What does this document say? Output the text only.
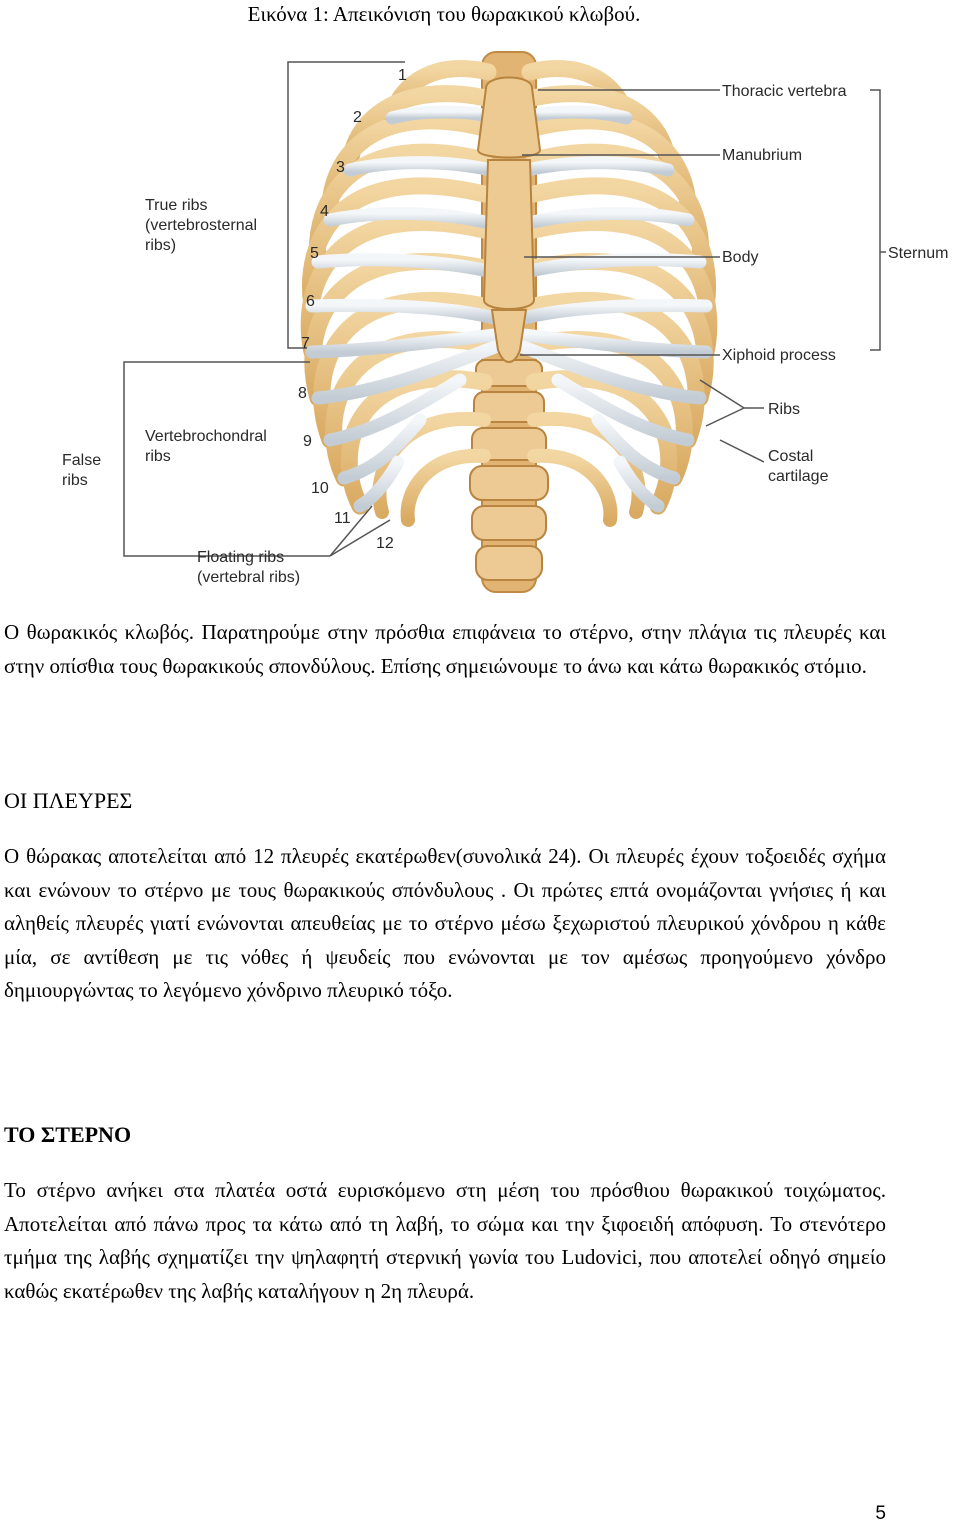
Εικόνα 1: Απεικόνιση του θωρακικού κλωβού.
Thoracic vertebra
Manubrium
Body	Sternum
Xiphoid process
Ribs
Costal
cartilage
True ribs
(vertebrosternal
ribs)
Vertebrochondral
ribs
False
ribs
Floating ribs
(vertebral ribs)
1
2
3
4
5
6
7
8
9
10
11
12

Ο θωρακικός κλωβός. Παρατηρούμε στην πρόσθια επιφάνεια το στέρνο, στην πλάγια τις πλευρές και στην οπίσθια τους θωρακικούς σπονδύλους. Επίσης σημειώνουμε το άνω και κάτω θωρακικός στόμιο.

ΟΙ ΠΛΕΥΡΕΣ

Ο θώρακας αποτελείται από 12 πλευρές εκατέρωθεν(συνολικά 24). Οι πλευρές έχουν τοξοειδές σχήμα και ενώνουν το στέρνο με τους θωρακικούς σπόνδυλους . Οι πρώτες επτά ονομάζονται γνήσιες ή και αληθείς πλευρές γιατί ενώνονται απευθείας με το στέρνο μέσω ξεχωριστού πλευρικού χόνδρου η κάθε μία, σε αντίθεση με τις νόθες ή ψευδείς που ενώνονται με τον αμέσως προηγούμενο χόνδρο δημιουργώντας το λεγόμενο χόνδρινο πλευρικό τόξο.

ΤΟ ΣΤΕΡΝΟ

Το στέρνο ανήκει στα πλατέα οστά ευρισκόμενο στη μέση του πρόσθιου θωρακικού τοιχώματος. Αποτελείται από πάνω προς τα κάτω από τη λαβή, το σώμα και την ξιφοειδή απόφυση. Το στενότερο τμήμα της λαβής σχηματίζει την ψηλαφητή στερνική γωνία του Ludovici, που αποτελεί οδηγό σημείο καθώς εκατέρωθεν της λαβής καταλήγουν η 2η πλευρά.

5
